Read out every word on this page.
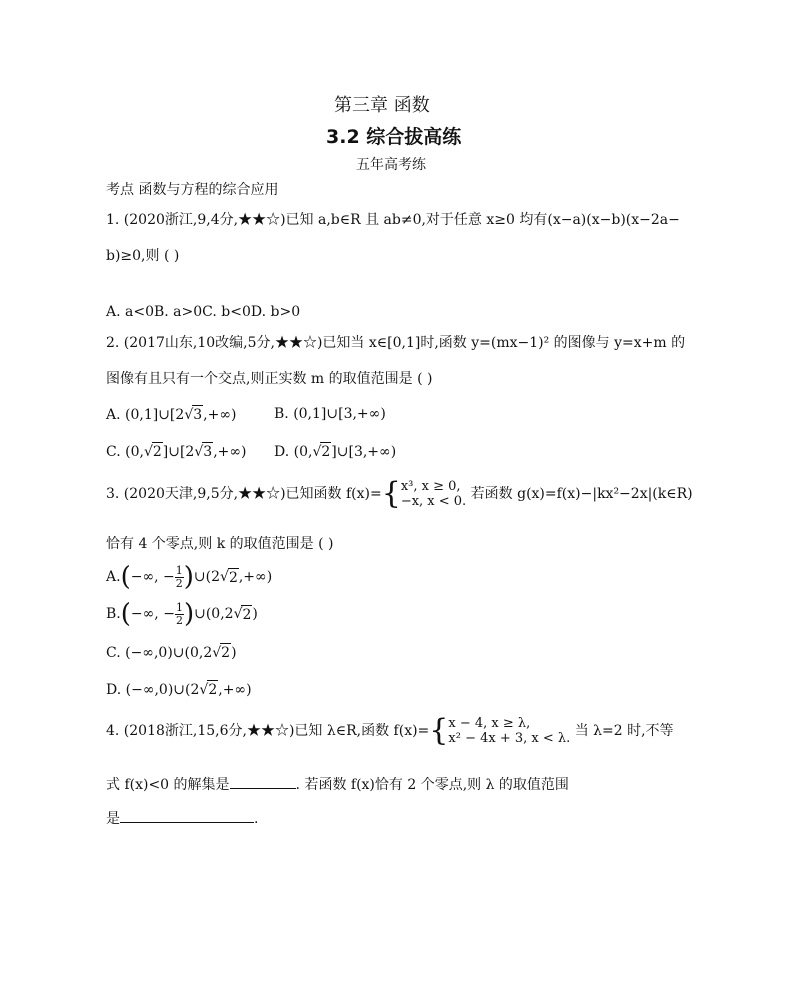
第三章 函数
3.2 综合拔高练
五年高考练
考点 函数与方程的综合应用
1. (2020浙江,9,4分,★★☆)已知 a,b∈R 且 ab≠0,对于任意 x≥0 均有(x−a)(x−b)(x−2a−
b)≥0,则 ( )
A. a<0B. a>0C. b<0D. b>0
2. (2017山东,10改编,5分,★★☆)已知当 x∈[0,1]时,函数 y=(mx−1)² 的图像与 y=x+m 的
图像有且只有一个交点,则正实数 m 的取值范围是 ( )
A. (0,1]∪[2√3,+∞)	B. (0,1]∪[3,+∞)
C. (0,√2]∪[2√3,+∞) D. (0,√2]∪[3,+∞)
3. (2020天津,9,5分,★★☆)已知函数 f(x)={ x³, x ≥ 0,
−x, x < 0. 若函数 g(x)=f(x)−|kx²−2x|(k∈R)
恰有 4 个零点,则 k 的取值范围是 ( )
A.(−∞, − $\frac{1}{2}$ )∪(2√2,+∞)
B.(−∞, − $\frac{1}{2}$ )∪(0,2√2)
C. (−∞,0)∪(0,2√2)
D. (−∞,0)∪(2√2,+∞)
4. (2018浙江,15,6分,★★☆)已知 λ∈R,函数 f(x)={ x − 4, x ≥ λ,
x² − 4x + 3, x < λ. 当 λ=2 时,不等
式 f(x)<0 的解集是	. 若函数 f(x)恰有 2 个零点,则 λ 的取值范围
是	.
